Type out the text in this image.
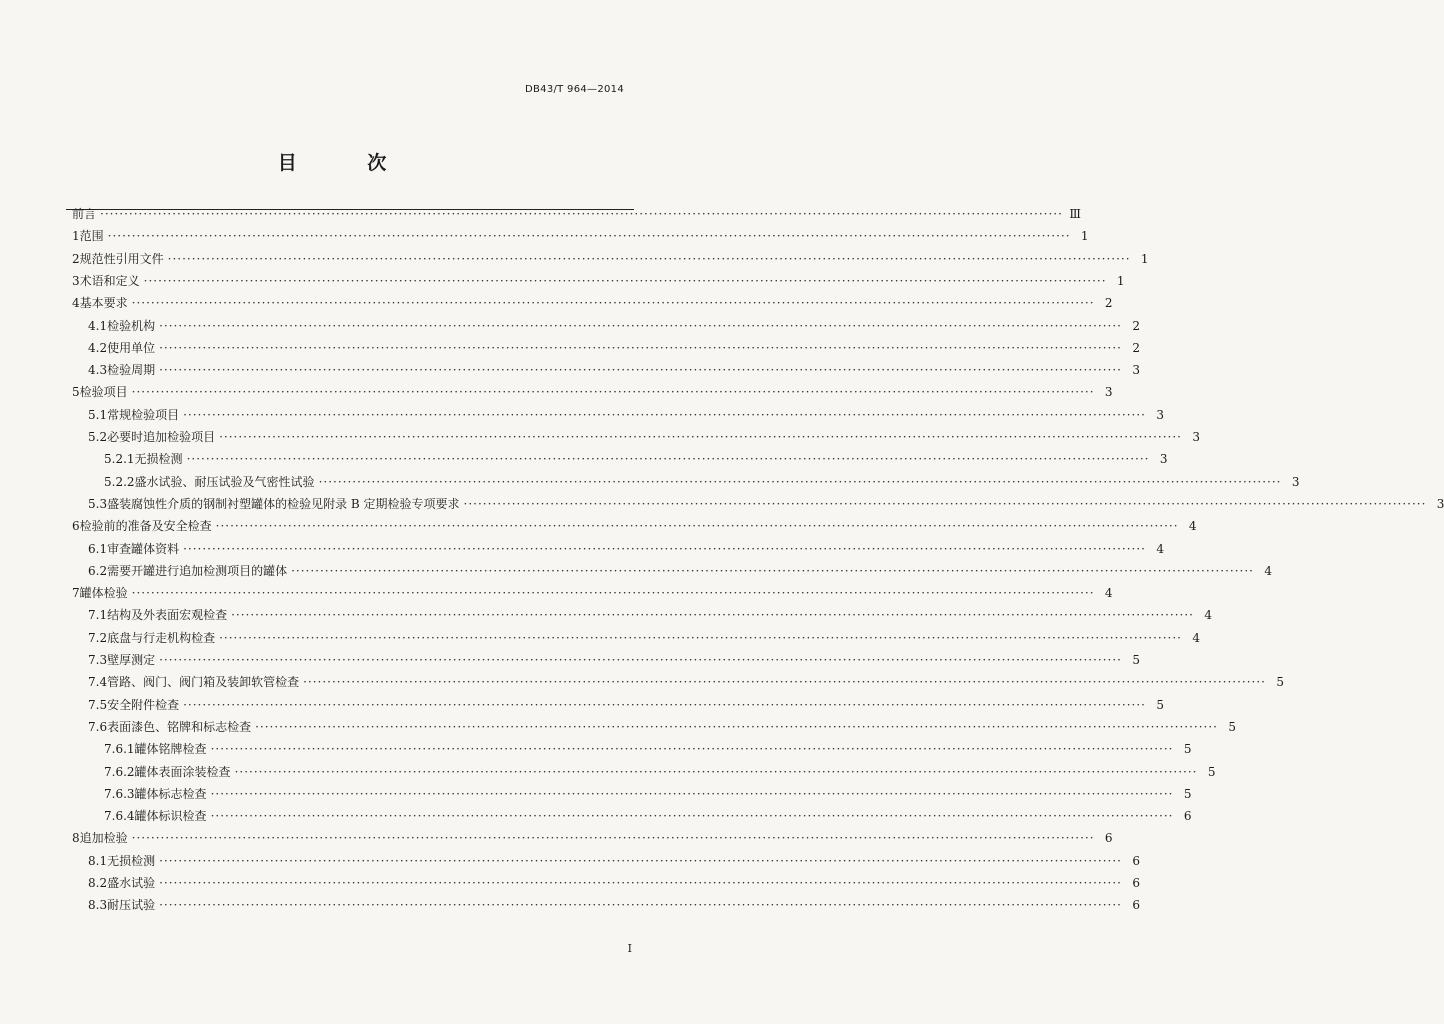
DB43/T 964—2014
目 次
前言 ········································································································································································································ Ⅲ
1 范围 ········································································································································································································ 1
2 规范性引用文件 ········································································································································································································ 1
3 术语和定义 ········································································································································································································ 1
4 基本要求 ········································································································································································································ 2
4.1 检验机构 ········································································································································································································ 2
4.2 使用单位 ········································································································································································································ 2
4.3 检验周期 ········································································································································································································ 3
5 检验项目 ········································································································································································································ 3
5.1 常规检验项目 ········································································································································································································ 3
5.2 必要时追加检验项目 ········································································································································································································ 3
5.2.1 无损检测 ········································································································································································································ 3
5.2.2 盛水试验、耐压试验及气密性试验 ········································································································································································································ 3
5.3 盛装腐蚀性介质的钢制衬塑罐体的检验见附录 B 定期检验专项要求 ········································································································································································································ 3
6 检验前的准备及安全检查 ········································································································································································································ 4
6.1 审查罐体资料 ········································································································································································································ 4
6.2 需要开罐进行追加检测项目的罐体 ········································································································································································································ 4
7 罐体检验 ········································································································································································································ 4
7.1 结构及外表面宏观检查 ········································································································································································································ 4
7.2 底盘与行走机构检查 ········································································································································································································ 4
7.3 壁厚测定 ········································································································································································································ 5
7.4 管路、阀门、阀门箱及装卸软管检查 ········································································································································································································ 5
7.5 安全附件检查 ········································································································································································································ 5
7.6 表面漆色、铭牌和标志检查 ········································································································································································································ 5
7.6.1 罐体铭牌检查 ········································································································································································································ 5
7.6.2 罐体表面涂装检查 ········································································································································································································ 5
7.6.3 罐体标志检查 ········································································································································································································ 5
7.6.4 罐体标识检查 ········································································································································································································ 6
8 追加检验 ········································································································································································································ 6
8.1 无损检测 ········································································································································································································ 6
8.2 盛水试验 ········································································································································································································ 6
8.3 耐压试验 ········································································································································································································ 6
I
